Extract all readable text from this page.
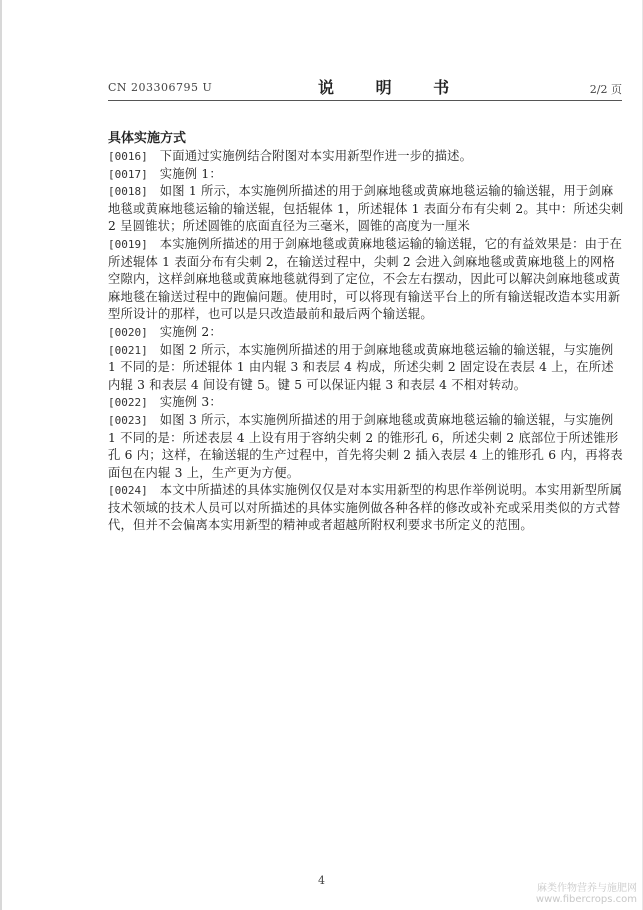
CN 203306795 U	说 明 书	2/2 页
具体实施方式

[0016] 下面通过实施例结合附图对本实用新型作进一步的描述。

[0017] 实施例 1：

[0018] 如图 1 所示，本实施例所描述的用于剑麻地毯或黄麻地毯运输的输送辊，用于剑麻地毯或黄麻地毯运输的输送辊，包括辊体 1，所述辊体 1 表面分布有尖刺 2。其中：所述尖刺 2 呈圆锥状；所述圆锥的底面直径为三毫米，圆锥的高度为一厘米

[0019] 本实施例所描述的用于剑麻地毯或黄麻地毯运输的输送辊，它的有益效果是：由于在所述辊体 1 表面分布有尖刺 2，在输送过程中，尖刺 2 会进入剑麻地毯或黄麻地毯上的网格空隙内，这样剑麻地毯或黄麻地毯就得到了定位，不会左右摆动，因此可以解决剑麻地毯或黄麻地毯在输送过程中的跑偏问题。使用时，可以将现有输送平台上的所有输送辊改造本实用新型所设计的那样，也可以是只改造最前和最后两个输送辊。

[0020] 实施例 2：

[0021] 如图 2 所示，本实施例所描述的用于剑麻地毯或黄麻地毯运输的输送辊，与实施例 1 不同的是：所述辊体 1 由内辊 3 和表层 4 构成，所述尖刺 2 固定设在表层 4 上，在所述内辊 3 和表层 4 间设有键 5。键 5 可以保证内辊 3 和表层 4 不相对转动。

[0022] 实施例 3：

[0023] 如图 3 所示，本实施例所描述的用于剑麻地毯或黄麻地毯运输的输送辊，与实施例 1 不同的是：所述表层 4 上设有用于容纳尖刺 2 的锥形孔 6，所述尖刺 2 底部位于所述锥形孔 6 内；这样，在输送辊的生产过程中，首先将尖刺 2 插入表层 4 上的锥形孔 6 内，再将表面包在内辊 3 上，生产更为方便。

[0024] 本文中所描述的具体实施例仅仅是对本实用新型的构思作举例说明。本实用新型所属技术领域的技术人员可以对所描述的具体实施例做各种各样的修改或补充或采用类似的方式替代，但并不会偏离本实用新型的精神或者超越所附权利要求书所定义的范围。

4
麻类作物营养与施肥网
www.fibercrops.com
